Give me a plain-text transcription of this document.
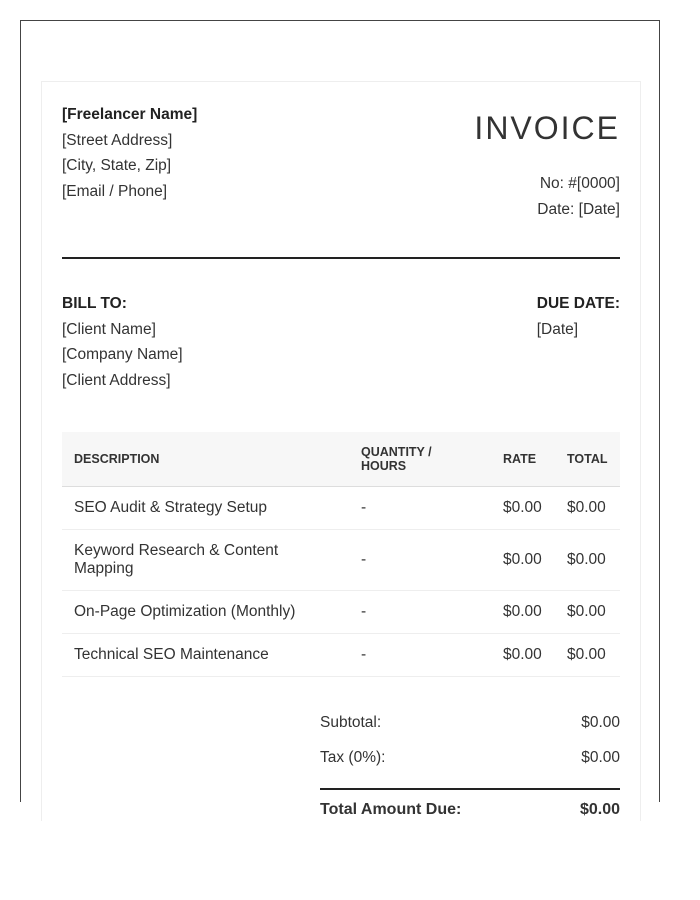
[Freelancer Name]
[Street Address]
[City, State, Zip]
[Email / Phone]
INVOICE
No: #[0000]
Date: [Date]
BILL TO:
[Client Name]
[Company Name]
[Client Address]
DUE DATE:
[Date]
DESCRIPTION	QUANTITY / HOURS	RATE	TOTAL
SEO Audit & Strategy Setup	-	$0.00	$0.00
Keyword Research & Content Mapping	-	$0.00	$0.00
On-Page Optimization (Monthly)	-	$0.00	$0.00
Technical SEO Maintenance	-	$0.00	$0.00
Subtotal:	$0.00
Tax (0%):	$0.00
Total Amount Due:	$0.00
